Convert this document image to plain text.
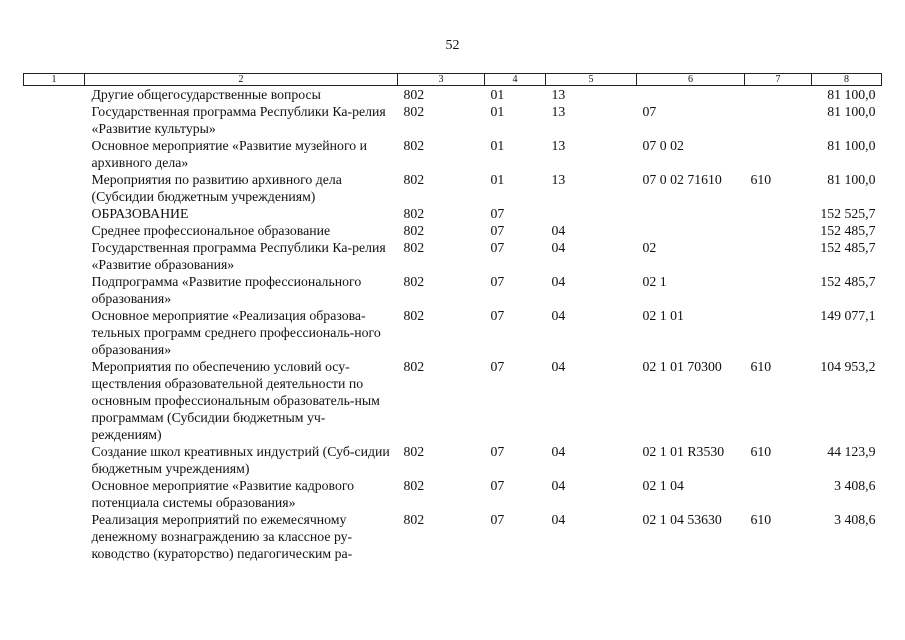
52
1	2	3	4	5	6	7	8
	Другие общегосударственные вопросы	802	01	13			81 100,0
	Государственная программа Республики Ка-релия «Развитие культуры»	802	01	13	07		81 100,0
	Основное мероприятие «Развитие музейного и архивного дела»	802	01	13	07 0 02		81 100,0
	Мероприятия по развитию архивного дела (Субсидии бюджетным учреждениям)	802	01	13	07 0 02 71610	610	81 100,0
	ОБРАЗОВАНИЕ	802	07				152 525,7
	Среднее профессиональное образование	802	07	04			152 485,7
	Государственная программа Республики Ка-релия «Развитие образования»	802	07	04	02		152 485,7
	Подпрограмма «Развитие профессионального образования»	802	07	04	02 1		152 485,7
	Основное мероприятие «Реализация образова-тельных программ среднего профессиональ-ного образования»	802	07	04	02 1 01		149 077,1
	Мероприятия по обеспечению условий осу-ществления образовательной деятельности по основным профессиональным образователь-ным программам (Субсидии бюджетным уч-реждениям)	802	07	04	02 1 01 70300	610	104 953,2
	Создание школ креативных индустрий (Суб-сидии бюджетным учреждениям)	802	07	04	02 1 01 R3530	610	44 123,9
	Основное мероприятие «Развитие кадрового потенциала системы образования»	802	07	04	02 1 04		3 408,6
	Реализация мероприятий по ежемесячному денежному вознаграждению за классное ру-ководство (кураторство) педагогическим ра-	802	07	04	02 1 04 53630	610	3 408,6
